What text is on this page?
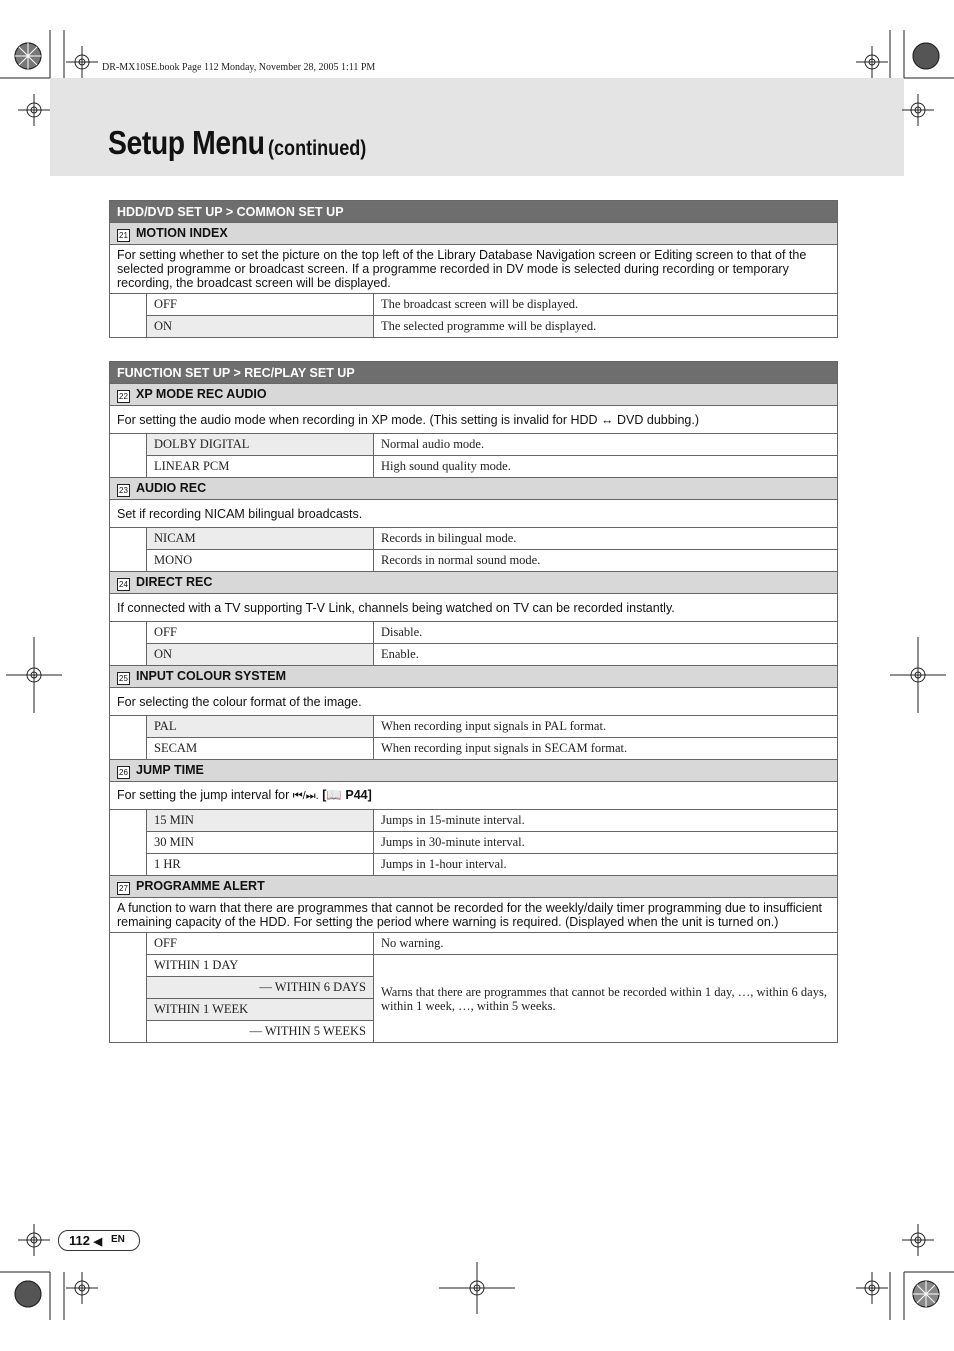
DR-MX10SE.book Page 112 Monday, November 28, 2005 1:11 PM
Setup Menu (continued)
HDD/DVD SET UP > COMMON SET UP		
21 MOTION INDEX		
For setting whether to set the picture on the top left of the Library Database Navigation screen or Editing screen to that of the selected programme or broadcast screen. If a programme recorded in DV mode is selected during recording or temporary recording, the broadcast screen will be displayed.		
	OFF	The broadcast screen will be displayed.
	ON	The selected programme will be displayed.
FUNCTION SET UP > REC/PLAY SET UP		
22 XP MODE REC AUDIO		
For setting the audio mode when recording in XP mode. (This setting is invalid for HDD ↔ DVD dubbing.)		
	DOLBY DIGITAL	Normal audio mode.
	LINEAR PCM	High sound quality mode.
23 AUDIO REC		
Set if recording NICAM bilingual broadcasts.		
	NICAM	Records in bilingual mode.
	MONO	Records in normal sound mode.
24 DIRECT REC		
If connected with a TV supporting T-V Link, channels being watched on TV can be recorded instantly.		
	OFF	Disable.
	ON	Enable.
25 INPUT COLOUR SYSTEM		
For selecting the colour format of the image.		
	PAL	When recording input signals in PAL format.
	SECAM	When recording input signals in SECAM format.
26 JUMP TIME		
For setting the jump interval for ⏮/⏭. [📖 P44]		
	15 MIN	Jumps in 15-minute interval.
	30 MIN	Jumps in 30-minute interval.
	1 HR	Jumps in 1-hour interval.
27 PROGRAMME ALERT		
A function to warn that there are programmes that cannot be recorded for the weekly/daily timer programming due to insufficient remaining capacity of the HDD. For setting the period where warning is required. (Displayed when the unit is turned on.)		
	OFF	No warning.
	WITHIN 1 DAY	Warns that there are programmes that cannot be recorded within 1 day, …, within 6 days, within 1 week, …, within 5 weeks.
	— WITHIN 6 DAYS	
	WITHIN 1 WEEK	
	— WITHIN 5 WEEKS	
112 ◀ EN
